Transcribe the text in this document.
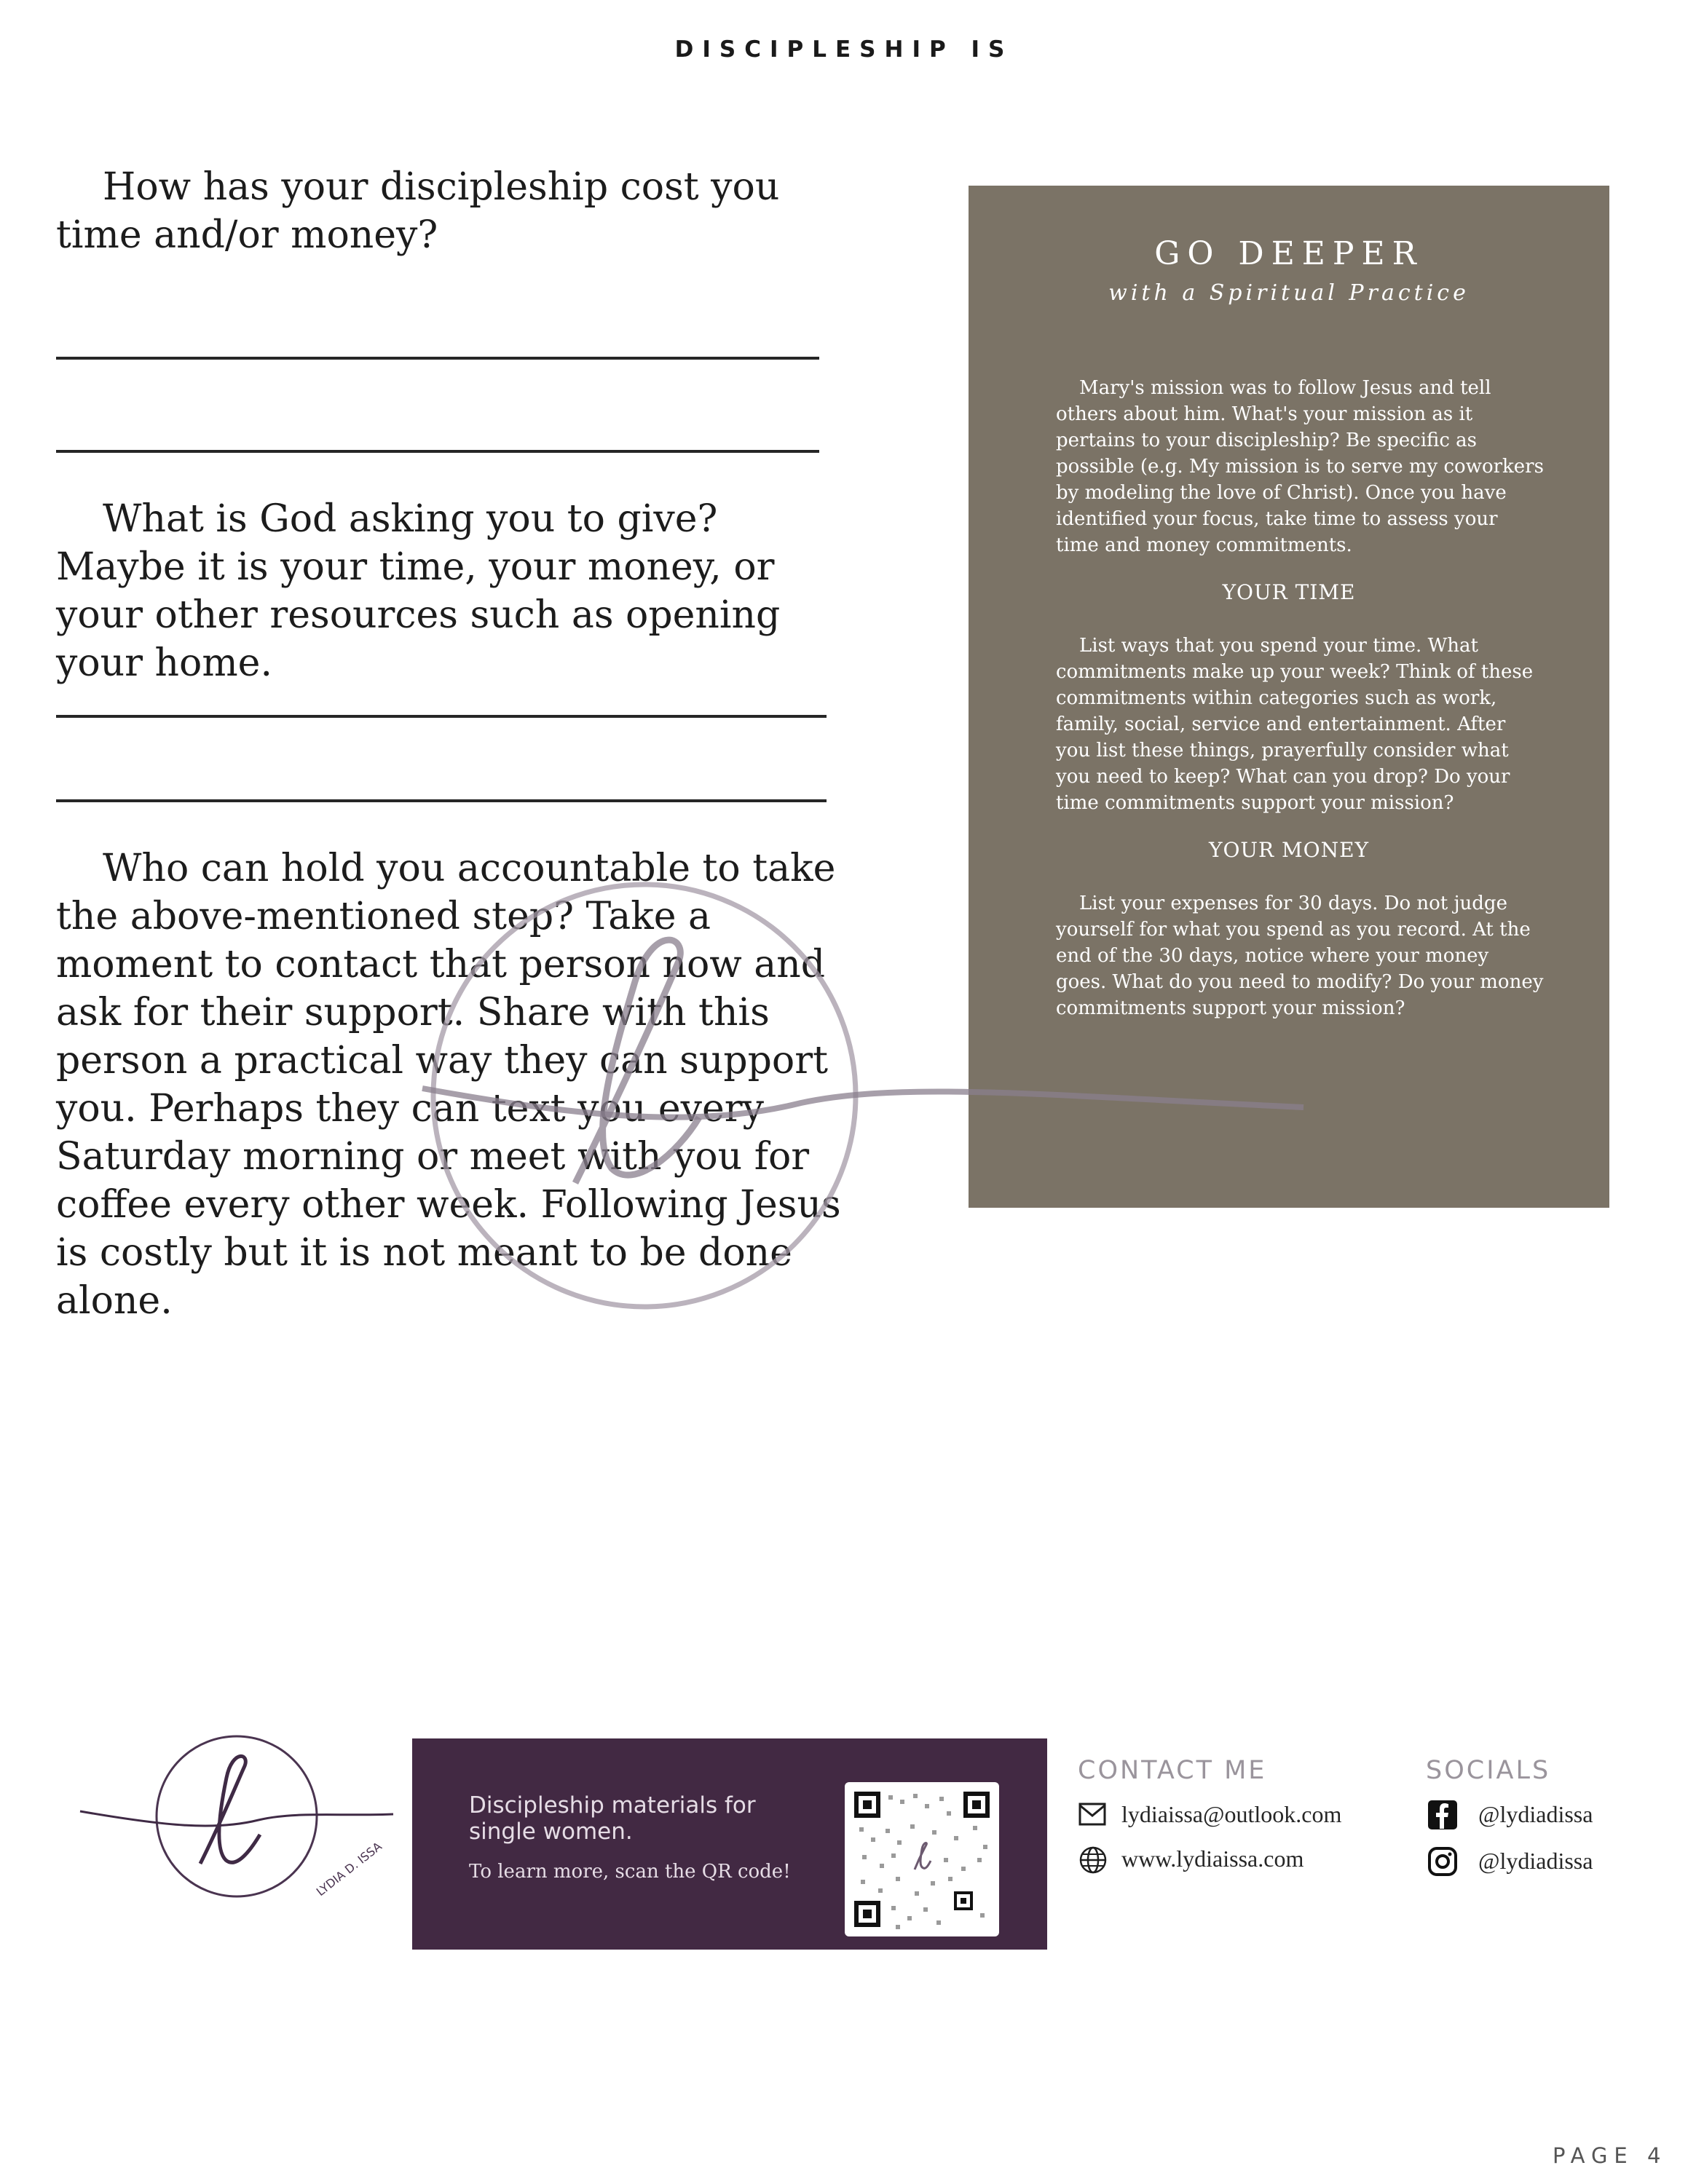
DISCIPLESHIP IS

How has your discipleship cost you time and/or money?

What is God asking you to give? Maybe it is your time, your money, or your other resources such as opening your home.

Who can hold you accountable to take the above-mentioned step? Take a moment to contact that person now and ask for their support. Share with this person a practical way they can support you. Perhaps they can text you every Saturday morning or meet with you for coffee every other week. Following Jesus is costly but it is not meant to be done alone.

GO DEEPER
with a Spiritual Practice

Mary's mission was to follow Jesus and tell others about him. What's your mission as it pertains to your discipleship? Be specific as possible (e.g. My mission is to serve my coworkers by modeling the love of Christ). Once you have identified your focus, take time to assess your time and money commitments.

YOUR TIME

List ways that you spend your time. What commitments make up your week? Think of these commitments within categories such as work, family, social, service and entertainment. After you list these things, prayerfully consider what you need to keep? What can you drop? Do your time commitments support your mission?

YOUR MONEY

List your expenses for 30 days. Do not judge yourself for what you spend as you record. At the end of the 30 days, notice where your money goes. What do you need to modify? Do your money commitments support your mission?

LYDIA D. ISSA
Discipleship materials for single women.
To learn more, scan the QR code!
CONTACT ME
lydiaissa@outlook.com
www.lydiaissa.com
SOCIALS
@lydiadissa
@lydiadissa
PAGE 4
